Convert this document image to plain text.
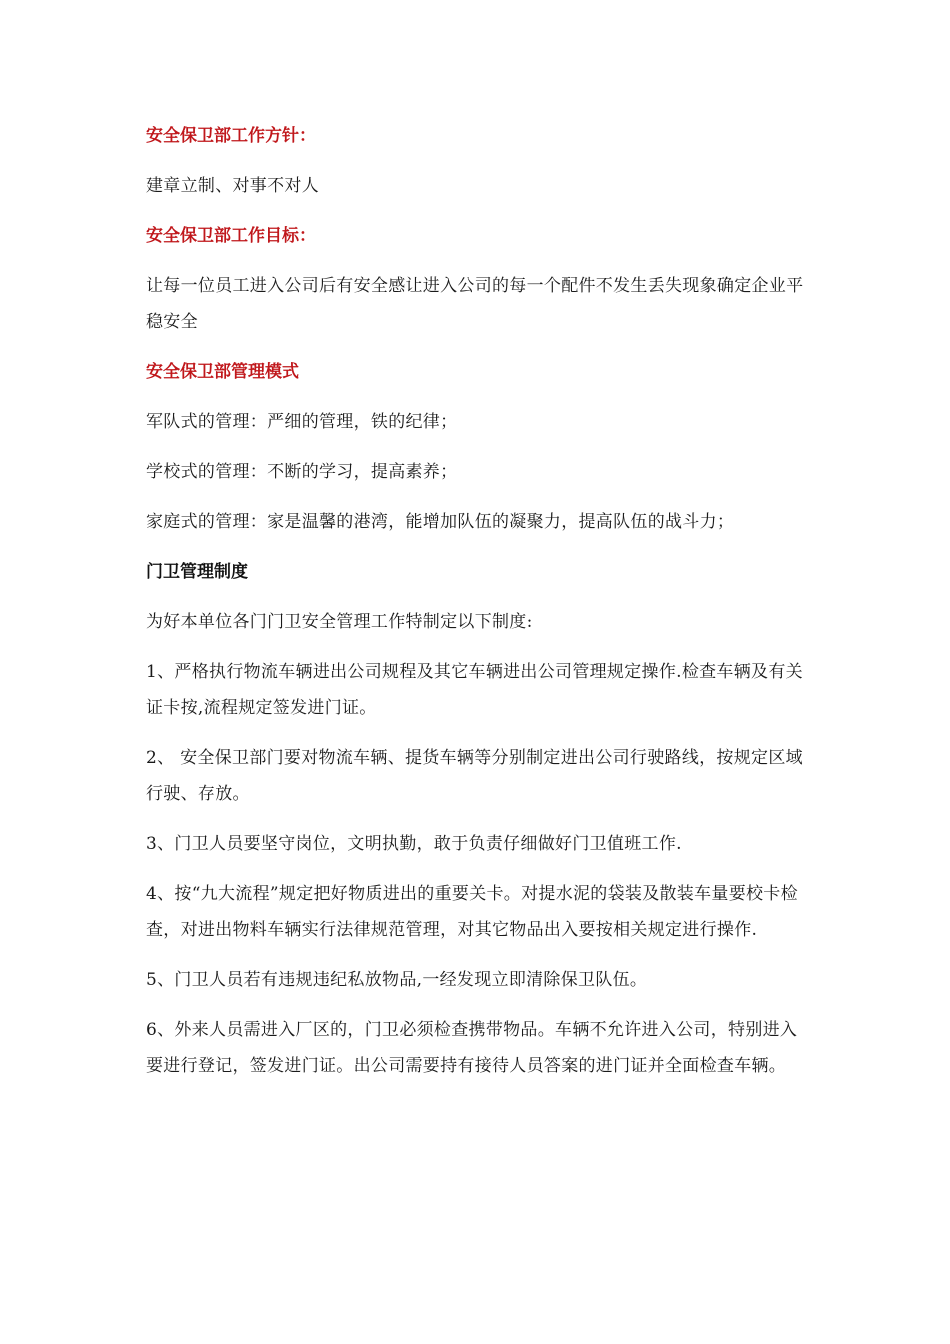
安全保卫部工作方针：
建章立制、对事不对人
安全保卫部工作目标：
让每一位员工进入公司后有安全感让进入公司的每一个配件不发生丢失现象确定企业平稳安全
安全保卫部管理模式
军队式的管理：严细的管理，铁的纪律；
学校式的管理：不断的学习，提高素养；
家庭式的管理：家是温馨的港湾，能增加队伍的凝聚力，提高队伍的战斗力；
门卫管理制度
为好本单位各门门卫安全管理工作特制定以下制度:
1、严格执行物流车辆进出公司规程及其它车辆进出公司管理规定操作.检查车辆及有关证卡按,流程规定签发进门证。
2、 安全保卫部门要对物流车辆、提货车辆等分别制定进出公司行驶路线，按规定区域行驶、存放。
3、门卫人员要坚守岗位，文明执勤，敢于负责仔细做好门卫值班工作.
4、按“九大流程”规定把好物质进出的重要关卡。对提水泥的袋装及散装车量要校卡检查，对进出物料车辆实行法律规范管理，对其它物品出入要按相关规定进行操作.
5、门卫人员若有违规违纪私放物品,一经发现立即清除保卫队伍。
6、外来人员需进入厂区的，门卫必须检查携带物品。车辆不允许进入公司，特别进入要进行登记，签发进门证。出公司需要持有接待人员答案的进门证并全面检查车辆。
